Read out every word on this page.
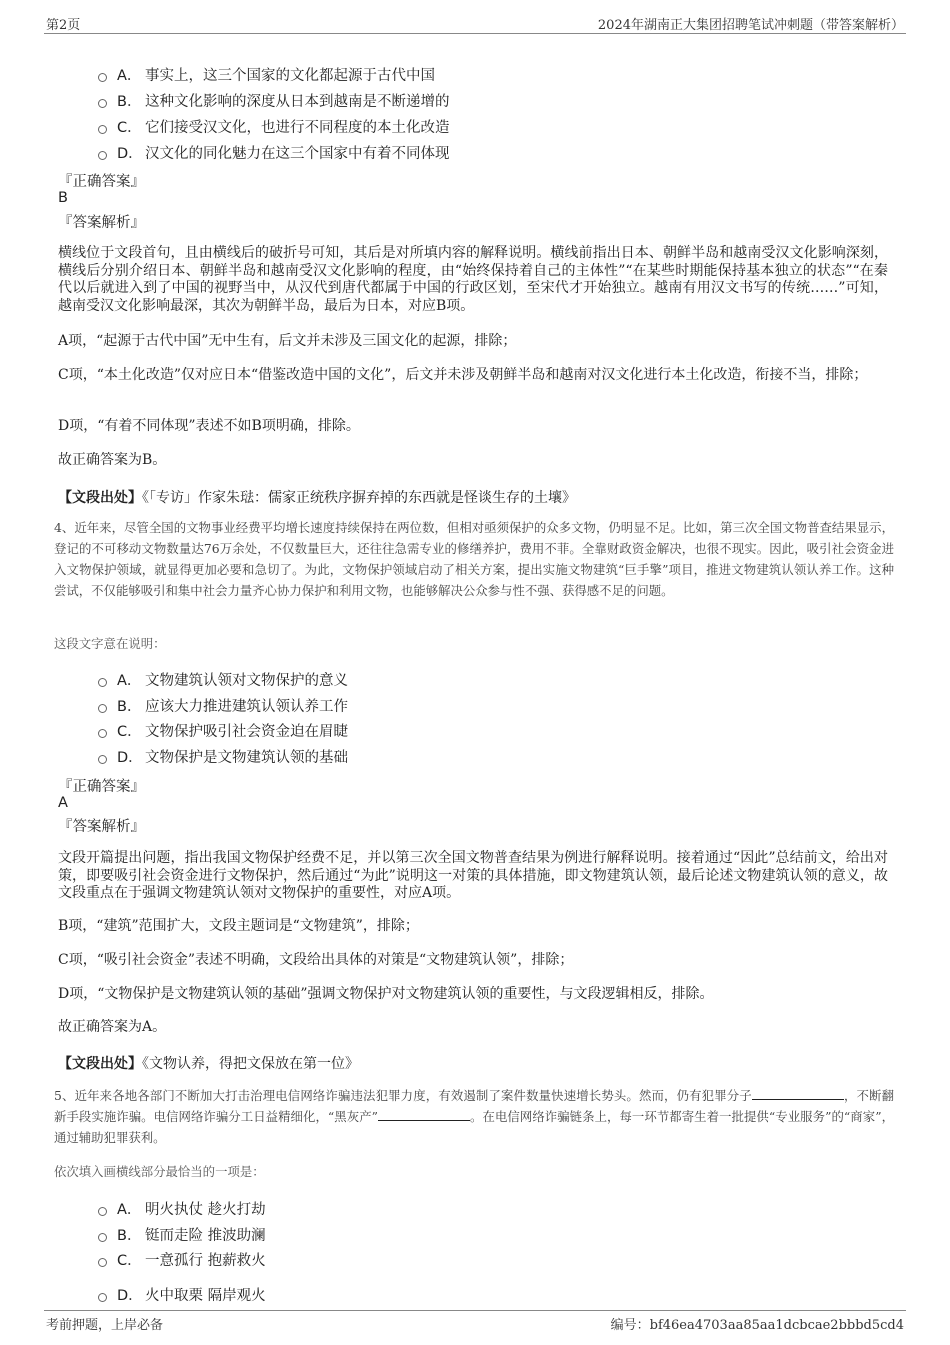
第2页	2024年湖南正大集团招聘笔试冲刺题（带答案解析）
A． 事实上，这三个国家的文化都起源于古代中国
B． 这种文化影响的深度从日本到越南是不断递增的
C． 它们接受汉文化，也进行不同程度的本土化改造
D． 汉文化的同化魅力在这三个国家中有着不同体现
『正确答案』
B
『答案解析』
横线位于文段首句，且由横线后的破折号可知，其后是对所填内容的解释说明。横线前指出日本、朝鲜半岛和越南受汉文化影响深刻，横线后分别介绍日本、朝鲜半岛和越南受汉文化影响的程度，由“始终保持着自己的主体性”“在某些时期能保持基本独立的状态”“在秦代以后就进入到了中国的视野当中，从汉代到唐代都属于中国的行政区划，至宋代才开始独立。越南有用汉文书写的传统……”可知，越南受汉文化影响最深，其次为朝鲜半岛，最后为日本，对应B项。
A项，“起源于古代中国”无中生有，后文并未涉及三国文化的起源，排除；
C项，“本土化改造”仅对应日本“借鉴改造中国的文化”，后文并未涉及朝鲜半岛和越南对汉文化进行本土化改造，衔接不当，排除；
D项，“有着不同体现”表述不如B项明确，排除。
故正确答案为B。
【文段出处】《「专访」作家朱琺：儒家正统秩序摒弃掉的东西就是怪谈生存的土壤》
4、近年来，尽管全国的文物事业经费平均增长速度持续保持在两位数，但相对亟须保护的众多文物，仍明显不足。比如，第三次全国文物普查结果显示，登记的不可移动文物数量达76万余处，不仅数量巨大，还往往急需专业的修缮养护，费用不菲。全靠财政资金解决，也很不现实。因此，吸引社会资金进入文物保护领域，就显得更加必要和急切了。为此，文物保护领域启动了相关方案，提出实施文物建筑“巨手擎”项目，推进文物建筑认领认养工作。这种尝试，不仅能够吸引和集中社会力量齐心协力保护和利用文物，也能够解决公众参与性不强、获得感不足的问题。
这段文字意在说明：
A． 文物建筑认领对文物保护的意义
B． 应该大力推进建筑认领认养工作
C． 文物保护吸引社会资金迫在眉睫
D． 文物保护是文物建筑认领的基础
『正确答案』
A
『答案解析』
文段开篇提出问题，指出我国文物保护经费不足，并以第三次全国文物普查结果为例进行解释说明。接着通过“因此”总结前文，给出对策，即要吸引社会资金进行文物保护，然后通过“为此”说明这一对策的具体措施，即文物建筑认领，最后论述文物建筑认领的意义，故文段重点在于强调文物建筑认领对文物保护的重要性，对应A项。
B项，“建筑”范围扩大，文段主题词是“文物建筑”，排除；
C项，“吸引社会资金”表述不明确，文段给出具体的对策是“文物建筑认领”，排除；
D项，“文物保护是文物建筑认领的基础”强调文物保护对文物建筑认领的重要性，与文段逻辑相反，排除。
故正确答案为A。
【文段出处】《文物认养，得把文保放在第一位》
5、近年来各地各部门不断加大打击治理电信网络诈骗违法犯罪力度，有效遏制了案件数量快速增长势头。然而，仍有犯罪分子	，不断翻新手段实施诈骗。电信网络诈骗分工日益精细化，“黑灰产”	。在电信网络诈骗链条上，每一环节都寄生着一批提供“专业服务”的“商家”，通过辅助犯罪获利。
依次填入画横线部分最恰当的一项是：
A． 明火执仗 趁火打劫
B． 铤而走险 推波助澜
C． 一意孤行 抱薪救火
D． 火中取栗 隔岸观火
考前押题，上岸必备	编号：bf46ea4703aa85aa1dcbcae2bbbd5cd4
